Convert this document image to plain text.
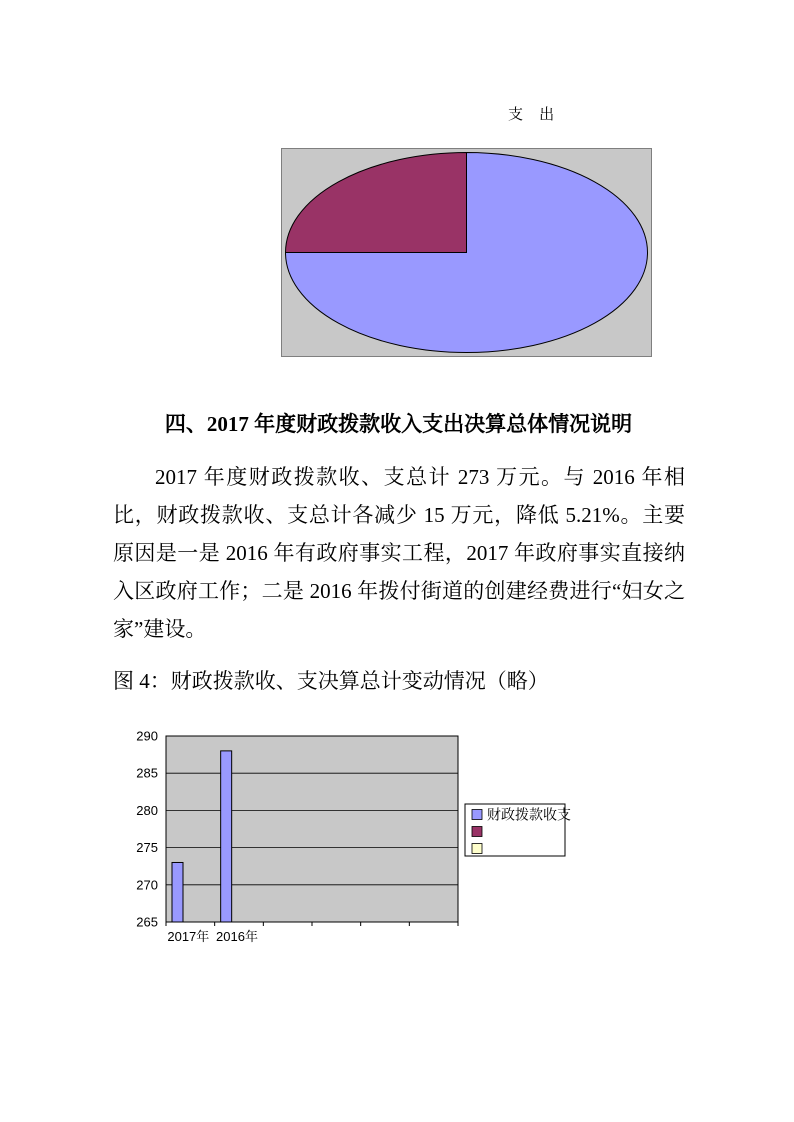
支 出
四、2017 年度财政拨款收入支出决算总体情况说明
2017 年度财政拨款收、支总计 273 万元。与 2016 年相比，财政拨款收、支总计各减少 15 万元，降低 5.21%。主要原因是一是 2016 年有政府事实工程，2017 年政府事实直接纳入区政府工作；二是 2016 年拨付街道的创建经费进行“妇女之家”建设。
图 4：财政拨款收、支决算总计变动情况（略）
265
270
275
280
285
290
2017年 2016年
财政拨款收支
